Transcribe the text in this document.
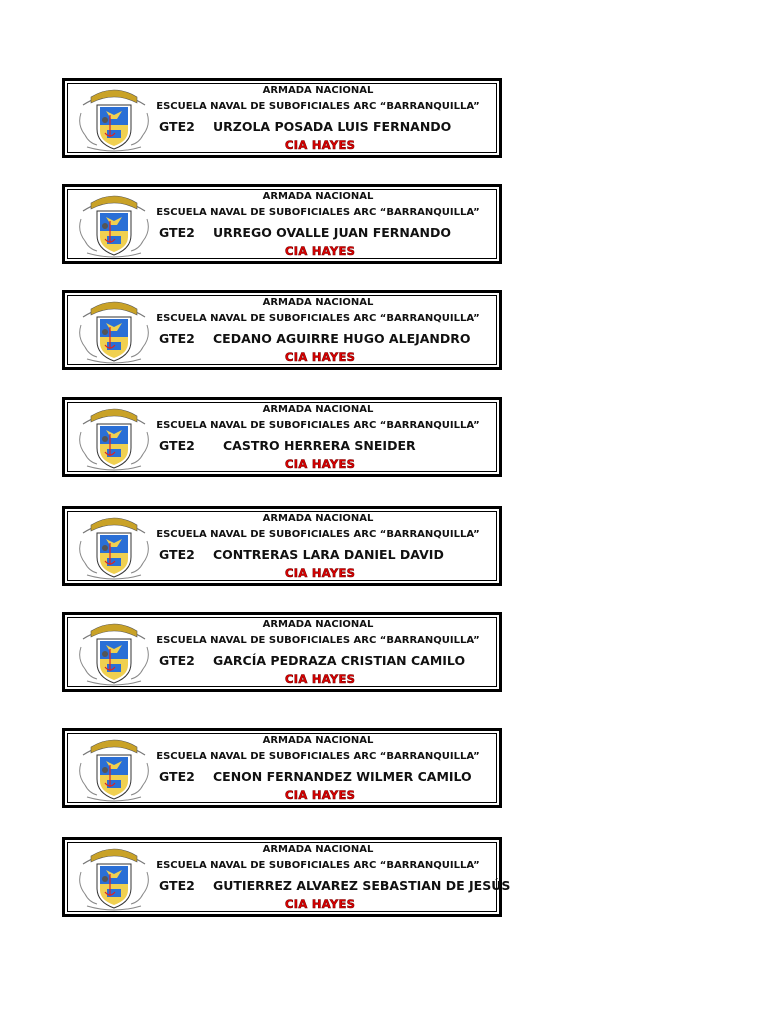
ARMADA NACIONAL
ESCUELA NAVAL DE SUBOFICIALES ARC “BARRANQUILLA”
GTE2 URZOLA POSADA LUIS FERNANDO
CIA HAYES
ARMADA NACIONAL
ESCUELA NAVAL DE SUBOFICIALES ARC “BARRANQUILLA”
GTE2 URREGO OVALLE JUAN FERNANDO
CIA HAYES
ARMADA NACIONAL
ESCUELA NAVAL DE SUBOFICIALES ARC “BARRANQUILLA”
GTE2 CEDANO AGUIRRE HUGO ALEJANDRO
CIA HAYES
ARMADA NACIONAL
ESCUELA NAVAL DE SUBOFICIALES ARC “BARRANQUILLA”
GTE2 CASTRO HERRERA SNEIDER
CIA HAYES
ARMADA NACIONAL
ESCUELA NAVAL DE SUBOFICIALES ARC “BARRANQUILLA”
GTE2 CONTRERAS LARA DANIEL DAVID
CIA HAYES
ARMADA NACIONAL
ESCUELA NAVAL DE SUBOFICIALES ARC “BARRANQUILLA”
GTE2 GARCÍA PEDRAZA CRISTIAN CAMILO
CIA HAYES
ARMADA NACIONAL
ESCUELA NAVAL DE SUBOFICIALES ARC “BARRANQUILLA”
GTE2 CENON FERNANDEZ WILMER CAMILO
CIA HAYES
ARMADA NACIONAL
ESCUELA NAVAL DE SUBOFICIALES ARC “BARRANQUILLA”
GTE2 GUTIERREZ ALVAREZ SEBASTIAN DE JESÚS
CIA HAYES
